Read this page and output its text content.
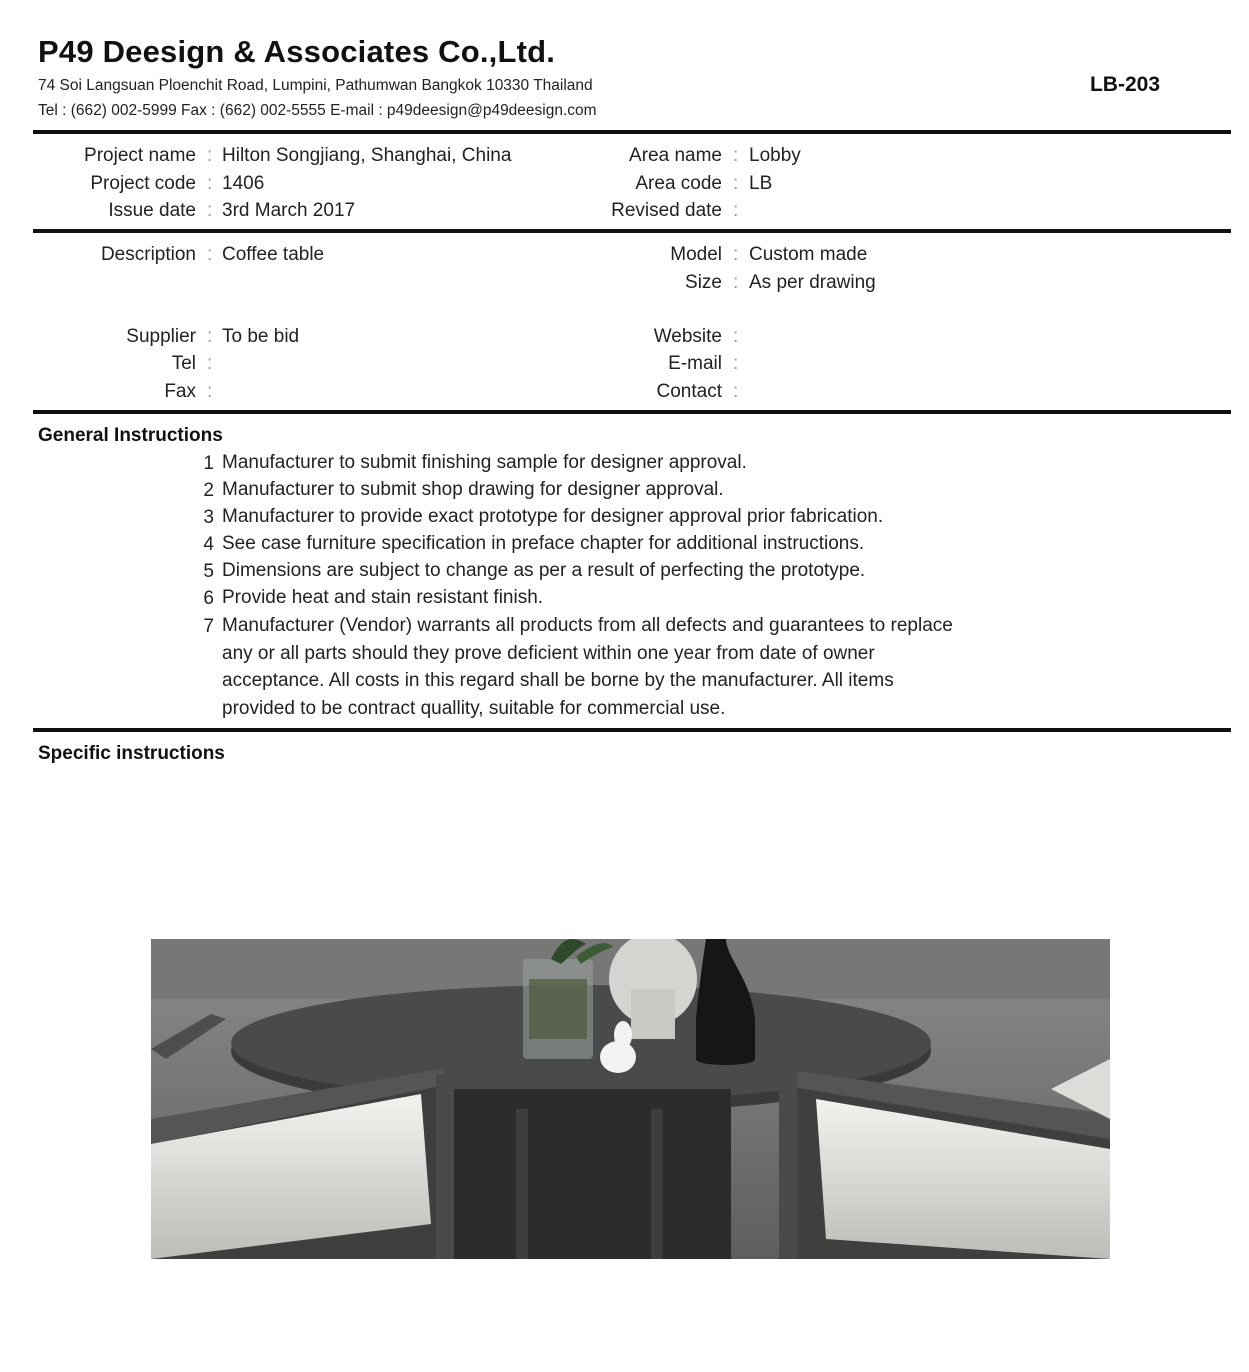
P49 Deesign & Associates Co.,Ltd.
74 Soi Langsuan Ploenchit Road, Lumpini, Pathumwan Bangkok 10330 Thailand
Tel : (662) 002-5999 Fax : (662) 002-5555 E-mail : p49deesign@p49deesign.com
LB-203
Project name : Hilton Songjiang, Shanghai, China
Project code : 1406
Issue date : 3rd March 2017
Area name : Lobby
Area code : LB
Revised date :
Description : Coffee table	Model : Custom made
Size : As per drawing
Supplier : To be bid
Tel :
Fax :
Website :
E-mail :
Contact :
General Instructions
1 Manufacturer to submit finishing sample for designer approval.
2 Manufacturer to submit shop drawing for designer approval.
3 Manufacturer to provide exact prototype for designer approval prior fabrication.
4 See case furniture specification in preface chapter for additional instructions.
5 Dimensions are subject to change as per a result of perfecting the prototype.
6 Provide heat and stain resistant finish.
7 Manufacturer (Vendor) warrants all products from all defects and guarantees to replace any or all parts should they prove deficient within one year from date of owner acceptance. All costs in this regard shall be borne by the manufacturer. All items provided to be contract quallity, suitable for commercial use.
Specific instructions
